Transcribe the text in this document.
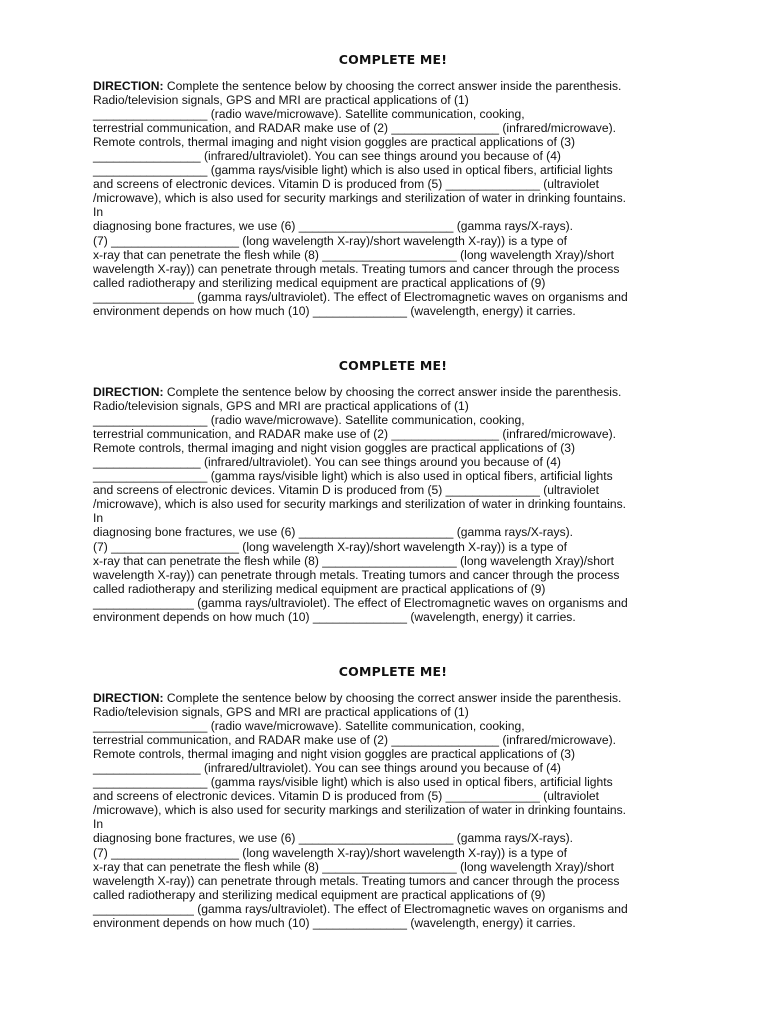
COMPLETE ME!
DIRECTION: Complete the sentence below by choosing the correct answer inside the parenthesis.
Radio/television signals, GPS and MRI are practical applications of (1)
_________________ (radio wave/microwave). Satellite communication, cooking,
terrestrial communication, and RADAR make use of (2) ________________ (infrared/microwave).
Remote controls, thermal imaging and night vision goggles are practical applications of (3)
________________ (infrared/ultraviolet). You can see things around you because of (4)
_________________ (gamma rays/visible light) which is also used in optical fibers, artificial lights
and screens of electronic devices. Vitamin D is produced from (5) ______________ (ultraviolet
/microwave), which is also used for security markings and sterilization of water in drinking fountains.
In
diagnosing bone fractures, we use (6) _______________________ (gamma rays/X-rays).
(7) ___________________ (long wavelength X-ray)/short wavelength X-ray)) is a type of
x-ray that can penetrate the flesh while (8) ____________________ (long wavelength Xray)/short
wavelength X-ray)) can penetrate through metals. Treating tumors and cancer through the process
called radiotherapy and sterilizing medical equipment are practical applications of (9)
_______________ (gamma rays/ultraviolet). The effect of Electromagnetic waves on organisms and
environment depends on how much (10) ______________ (wavelength, energy) it carries.
COMPLETE ME!
DIRECTION: Complete the sentence below by choosing the correct answer inside the parenthesis.
Radio/television signals, GPS and MRI are practical applications of (1)
_________________ (radio wave/microwave). Satellite communication, cooking,
terrestrial communication, and RADAR make use of (2) ________________ (infrared/microwave).
Remote controls, thermal imaging and night vision goggles are practical applications of (3)
________________ (infrared/ultraviolet). You can see things around you because of (4)
_________________ (gamma rays/visible light) which is also used in optical fibers, artificial lights
and screens of electronic devices. Vitamin D is produced from (5) ______________ (ultraviolet
/microwave), which is also used for security markings and sterilization of water in drinking fountains.
In
diagnosing bone fractures, we use (6) _______________________ (gamma rays/X-rays).
(7) ___________________ (long wavelength X-ray)/short wavelength X-ray)) is a type of
x-ray that can penetrate the flesh while (8) ____________________ (long wavelength Xray)/short
wavelength X-ray)) can penetrate through metals. Treating tumors and cancer through the process
called radiotherapy and sterilizing medical equipment are practical applications of (9)
_______________ (gamma rays/ultraviolet). The effect of Electromagnetic waves on organisms and
environment depends on how much (10) ______________ (wavelength, energy) it carries.
COMPLETE ME!
DIRECTION: Complete the sentence below by choosing the correct answer inside the parenthesis.
Radio/television signals, GPS and MRI are practical applications of (1)
_________________ (radio wave/microwave). Satellite communication, cooking,
terrestrial communication, and RADAR make use of (2) ________________ (infrared/microwave).
Remote controls, thermal imaging and night vision goggles are practical applications of (3)
________________ (infrared/ultraviolet). You can see things around you because of (4)
_________________ (gamma rays/visible light) which is also used in optical fibers, artificial lights
and screens of electronic devices. Vitamin D is produced from (5) ______________ (ultraviolet
/microwave), which is also used for security markings and sterilization of water in drinking fountains.
In
diagnosing bone fractures, we use (6) _______________________ (gamma rays/X-rays).
(7) ___________________ (long wavelength X-ray)/short wavelength X-ray)) is a type of
x-ray that can penetrate the flesh while (8) ____________________ (long wavelength Xray)/short
wavelength X-ray)) can penetrate through metals. Treating tumors and cancer through the process
called radiotherapy and sterilizing medical equipment are practical applications of (9)
_______________ (gamma rays/ultraviolet). The effect of Electromagnetic waves on organisms and
environment depends on how much (10) ______________ (wavelength, energy) it carries.
